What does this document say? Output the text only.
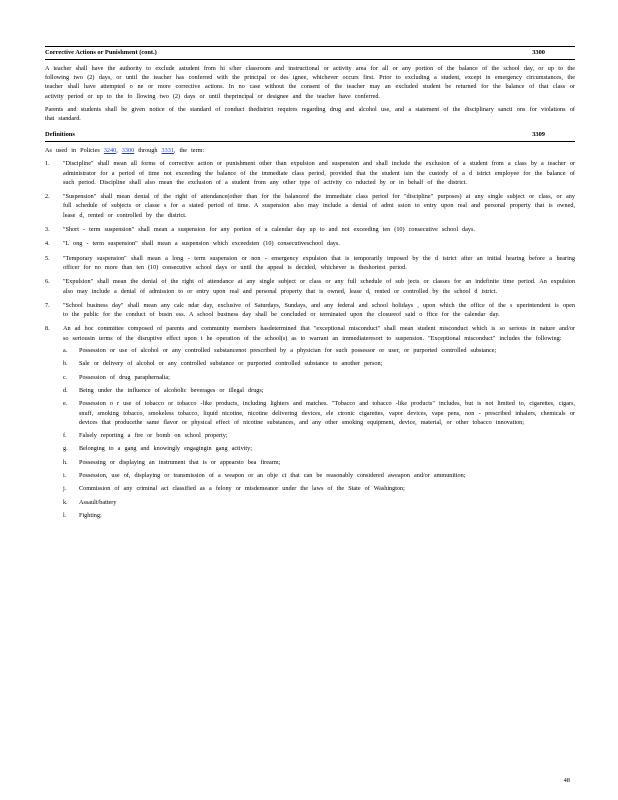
Corrective Actions or Punishment (cont.)	3300

A teacher shall have the authority to exclude astudent from hi s/her classroom and instructional or activity area for all or any portion of the balance of the school day, or up to the following two (2) days, or until the teacher has conferred with the principal or des ignee, whichever occurs first. Prior to excluding a student, except in emergency circumstances, the teacher shall have attempted o ne or more corrective actions. In no case without the consent of the teacher may an excluded student be returned for the balance of that class or activity period or up to the fo llowing two (2) days or until theprincipal or designee and the teacher have conferred.

Parents and students shall be given notice of the standard of conduct thedistrict requires regarding drug and alcohol use, and a statement of the disciplinary sancti ons for violations of that standard.

Definitions	3309

As used in Policies 3240, 3300 through 3331, the term:

1.	"Discipline" shall mean all forms of corrective action or punishment other than expulsion and suspension and shall include the exclusion of a student from a class by a teacher or administrator for a period of time not exceeding the balance of the immediate class period, provided that the student isin the custody of a d istrict employee for the balance of such period. Discipline shall also mean the exclusion of a student from any other type of activity co nducted by or in behalf of the district.
2.	"Suspension" shall mean denial of the right of attendance(other than for the balanceof the immediate class period for "discipline" purposes) at any single subject or class, or any full schedule of subjects or classe s for a stated period of time. A suspension also may include a denial of admi ssion to entry upon real and personal property that is owned, lease d, rented or controlled by the district.
3.	"Short - term suspension" shall mean a suspension for any portion of a calendar day up to and not exceeding ten (10) consecutive school days.
4.	"L ong - term suspension" shall mean a suspension which exceedsten (10) consecutiveschool days.
5.	"Temporary suspension" shall mean a long - term suspension or non - emergency expulsion that is temporarily imposed by the d istrict after an initial hearing before a hearing officer for no more than ten (10) consecutive school days or until the appeal is decided, whichever is theshortest period.
6.	"Expulsion" shall mean the denial of the right of attendance at any single subject or class or any full schedule of sub jects or classes for an indefinite time period. An expulsion also may include a denial of admission to or entry upon real and personal property that is owned, lease d, rented or controlled by the school d istrict.
7.	"School business day" shall mean any calc ndar day, exclusive of Saturdays, Sundays, and any federal and school holidays , upon which the office of the s uperintendent is open to the public for the conduct of busin ess. A school business day shall be concluded or terminated upon the closureof said o ffice for the calendar day.
8.	An ad hoc committee composed of parents and community members hasdetermined that "exceptional misconduct" shall mean student misconduct which is so serious in nature and/or so seriousin terms of the disruptive effect upon t he operation of the school(s) as to warrant an immediateresort to suspension. "Exceptional misconduct" includes the following:
a.	Possession or use of alcohol or any controlled substancenot prescribed by a physician for such possessor or user, or purported controlled substance;
b.	Sale or delivery of alcohol or any controlled substance or purported controlled substance to another person;
c.	Possession of drug paraphernalia;
d.	Being under the influence of alcoholic beverages or illegal drugs;
e.	Possession o r use of tobacco or tobacco -like products, including lighters and matches. "Tobacco and tobacco -like products" includes, but is not limited to, cigarettes, cigars, snuff, smoking tobacco, smokeless tobacco, liquid nicotine, nicotine delivering devices, ele ctronic cigarettes, vapor devices, vape pens, non - prescribed inhalers, chemicals or devices that producethe same flavor or physical effect of nicotine substances, and any other smoking equipment, device, material, or other tobacco innovation;
f.	Falsely reporting a fire or bomb on school property;
g.	Belonging to a gang and knowingly engagingin gang activity;
h.	Possessing or displaying an instrument that is or appearsto bea firearm;
i.	Possession, use of, displaying or transmission of a weapon or an obje ct that can be reasonably considered aweapon and/or ammunition;
j.	Commission of any criminal act classified as a felony or misdemeanor under the laws of the State of Washington;
k.	Assault/battery
l.	Fighting;
48
